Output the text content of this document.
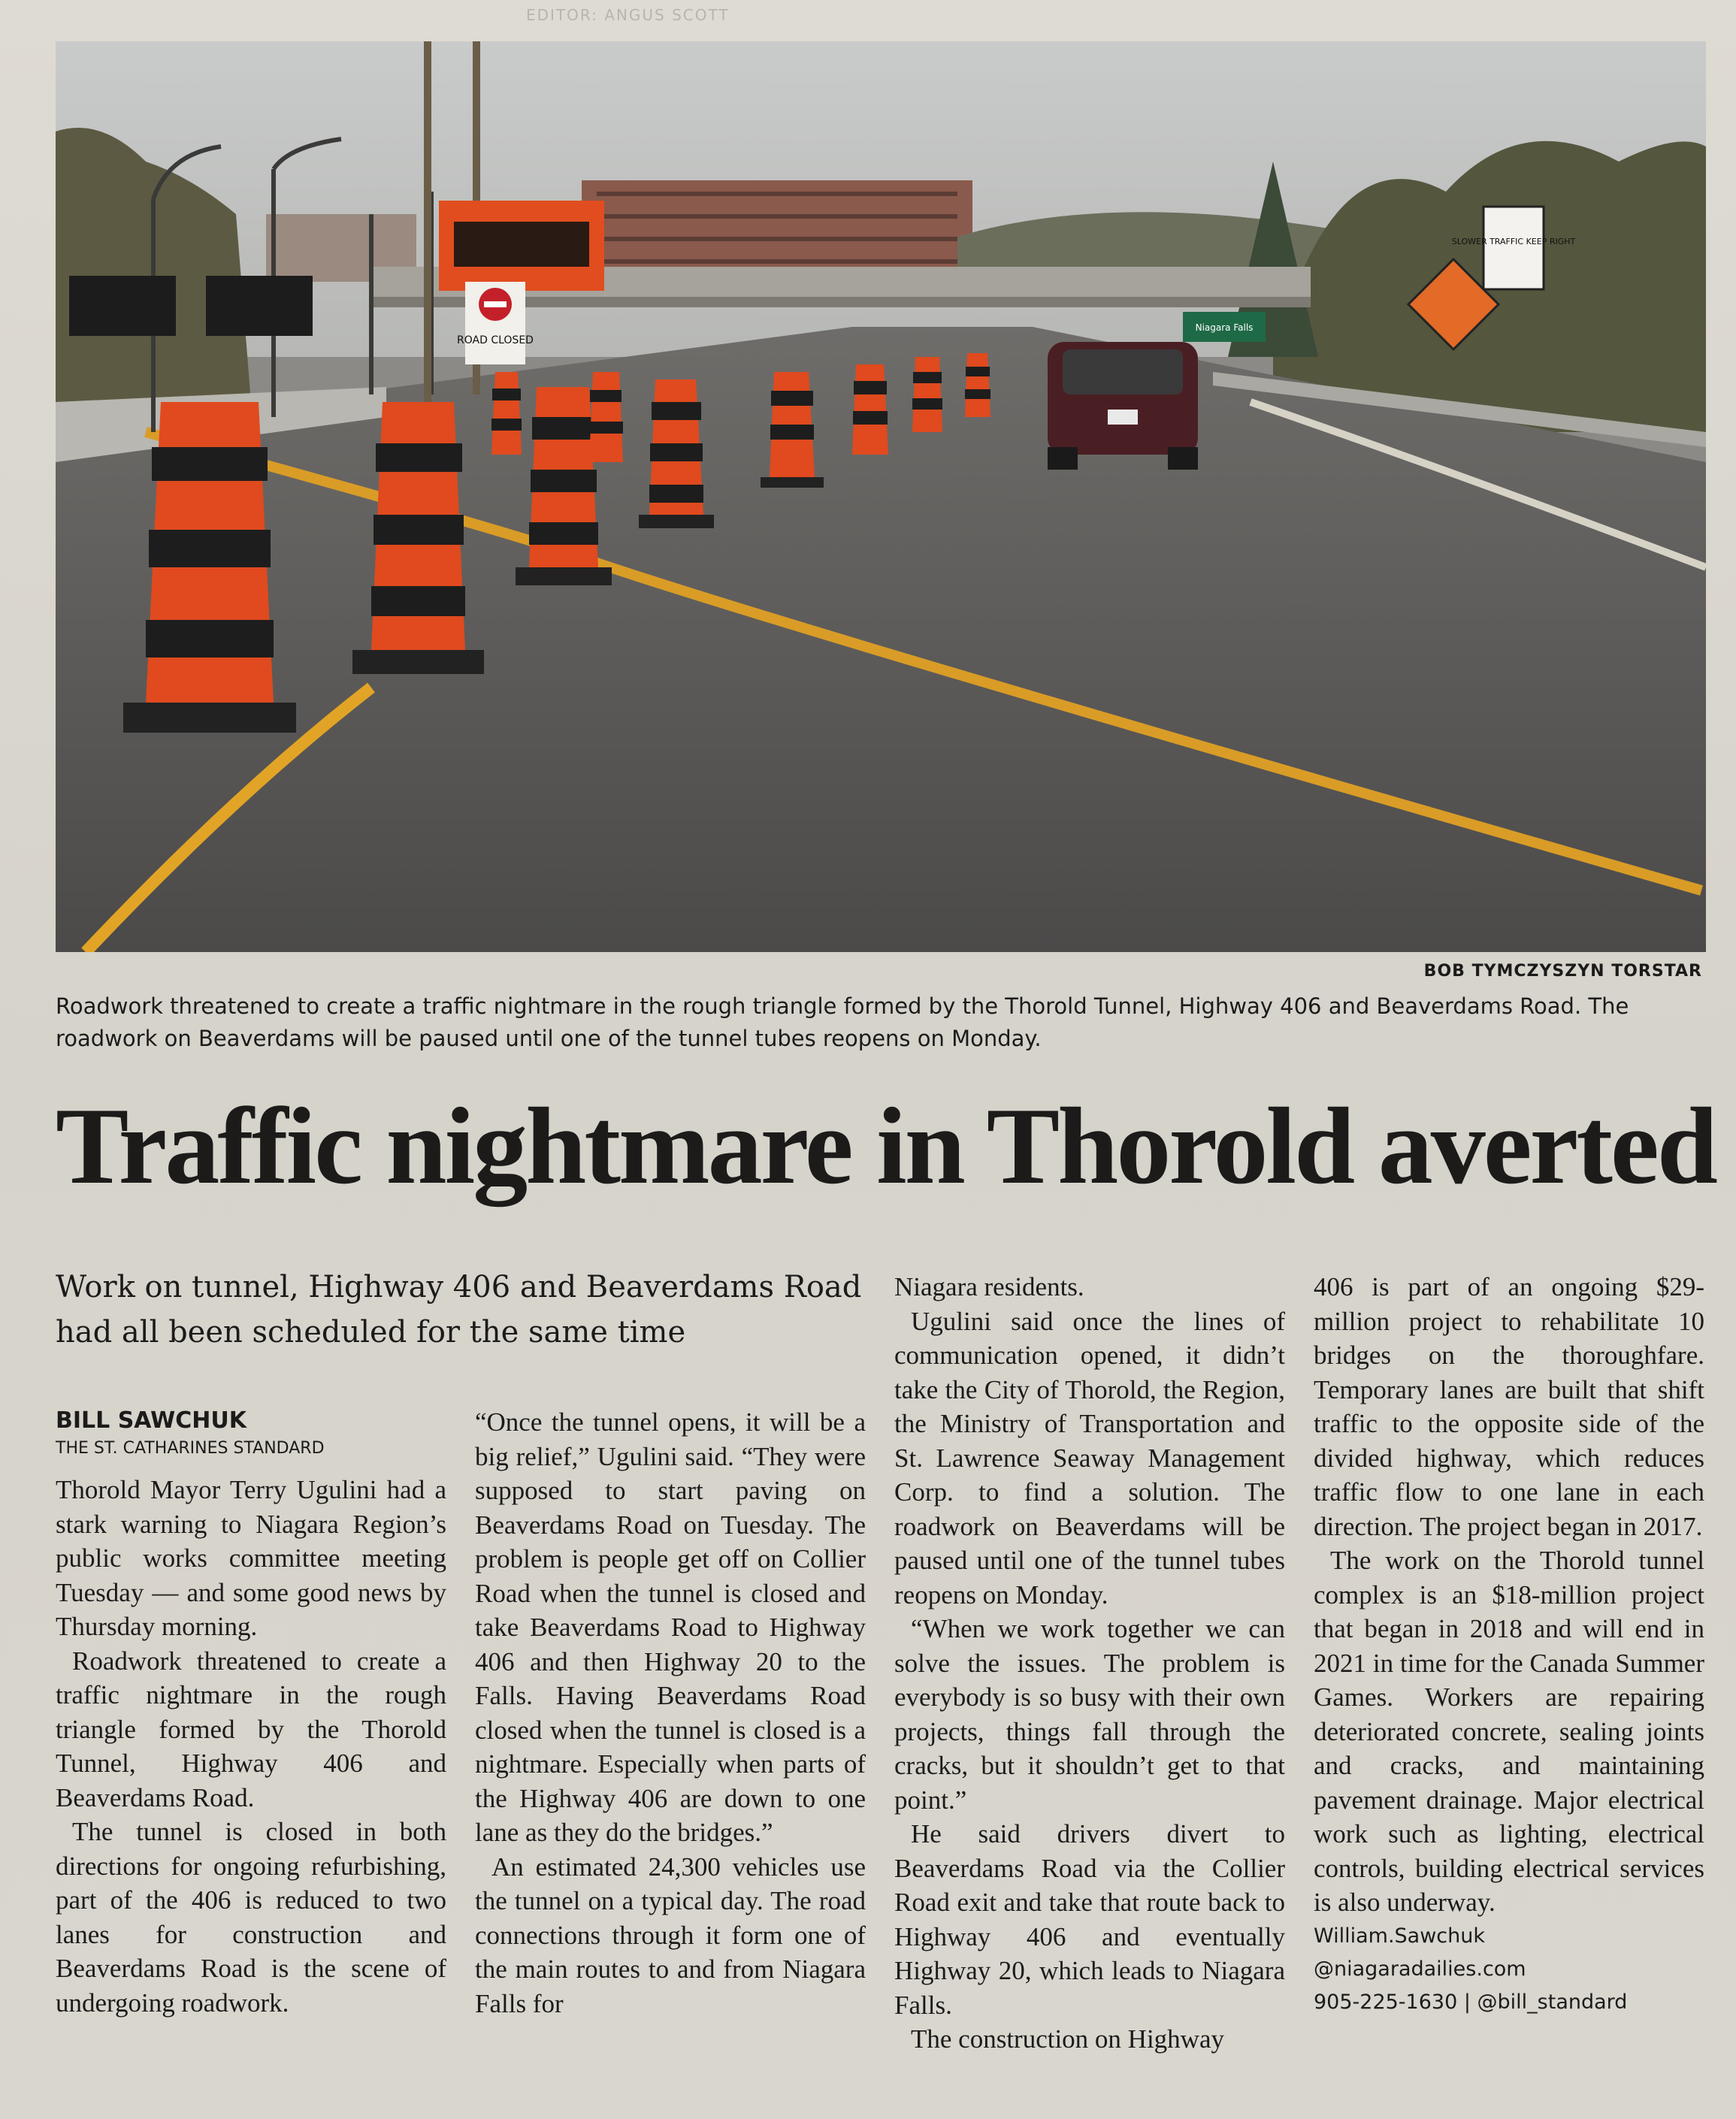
EDITOR: ANGUS SCOTT
ROAD CLOSED
SLOWER TRAFFIC KEEP RIGHT
Niagara Falls
BOB TYMCZYSZYN TORSTAR
Roadwork threatened to create a traffic nightmare in the rough triangle formed by the Thorold Tunnel, Highway 406 and Beaverdams Road. The roadwork on Beaverdams will be paused until one of the tunnel tubes reopens on Monday.
Traffic nightmare in Thorold averted
Work on tunnel, Highway 406 and Beaverdams Road had all been scheduled for the same time
BILL SAWCHUK
THE ST. CATHARINES STANDARD

Thorold Mayor Terry Ugulini had a stark warning to Niagara Region’s public works committee meeting Tuesday — and some good news by Thursday morning.

Roadwork threatened to create a traffic nightmare in the rough triangle formed by the Thorold Tunnel, Highway 406 and Beaverdams Road.

The tunnel is closed in both directions for ongoing refurbishing, part of the 406 is reduced to two lanes for construction and Beaverdams Road is the scene of undergoing roadwork.

“Once the tunnel opens, it will be a big relief,” Ugulini said. “They were supposed to start paving on Beaverdams Road on Tuesday. The problem is people get off on Collier Road when the tunnel is closed and take Beaverdams Road to Highway 406 and then Highway 20 to the Falls. Having Beaverdams Road closed when the tunnel is closed is a nightmare. Especially when parts of the Highway 406 are down to one lane as they do the bridges.”

An estimated 24,300 vehicles use the tunnel on a typical day. The road connections through it form one of the main routes to and from Niagara Falls for

Niagara residents.

Ugulini said once the lines of communication opened, it didn’t take the City of Thorold, the Region, the Ministry of Transportation and St. Lawrence Seaway Management Corp. to find a solution. The roadwork on Beaverdams will be paused until one of the tunnel tubes reopens on Monday.

“When we work together we can solve the issues. The problem is everybody is so busy with their own projects, things fall through the cracks, but it shouldn’t get to that point.”

He said drivers divert to Beaverdams Road via the Collier Road exit and take that route back to Highway 406 and eventually Highway 20, which leads to Niagara Falls.

The construction on Highway

406 is part of an ongoing $29-million project to rehabilitate 10 bridges on the thoroughfare. Temporary lanes are built that shift traffic to the opposite side of the divided highway, which reduces traffic flow to one lane in each direction. The project began in 2017.

The work on the Thorold tunnel complex is an $18-million project that began in 2018 and will end in 2021 in time for the Canada Summer Games. Workers are repairing deteriorated concrete, sealing joints and cracks, and maintaining pavement drainage. Major electrical work such as lighting, electrical controls, building electrical services is also underway.

William.Sawchuk

@niagaradailies.com

905-225-1630 | @bill_standard
